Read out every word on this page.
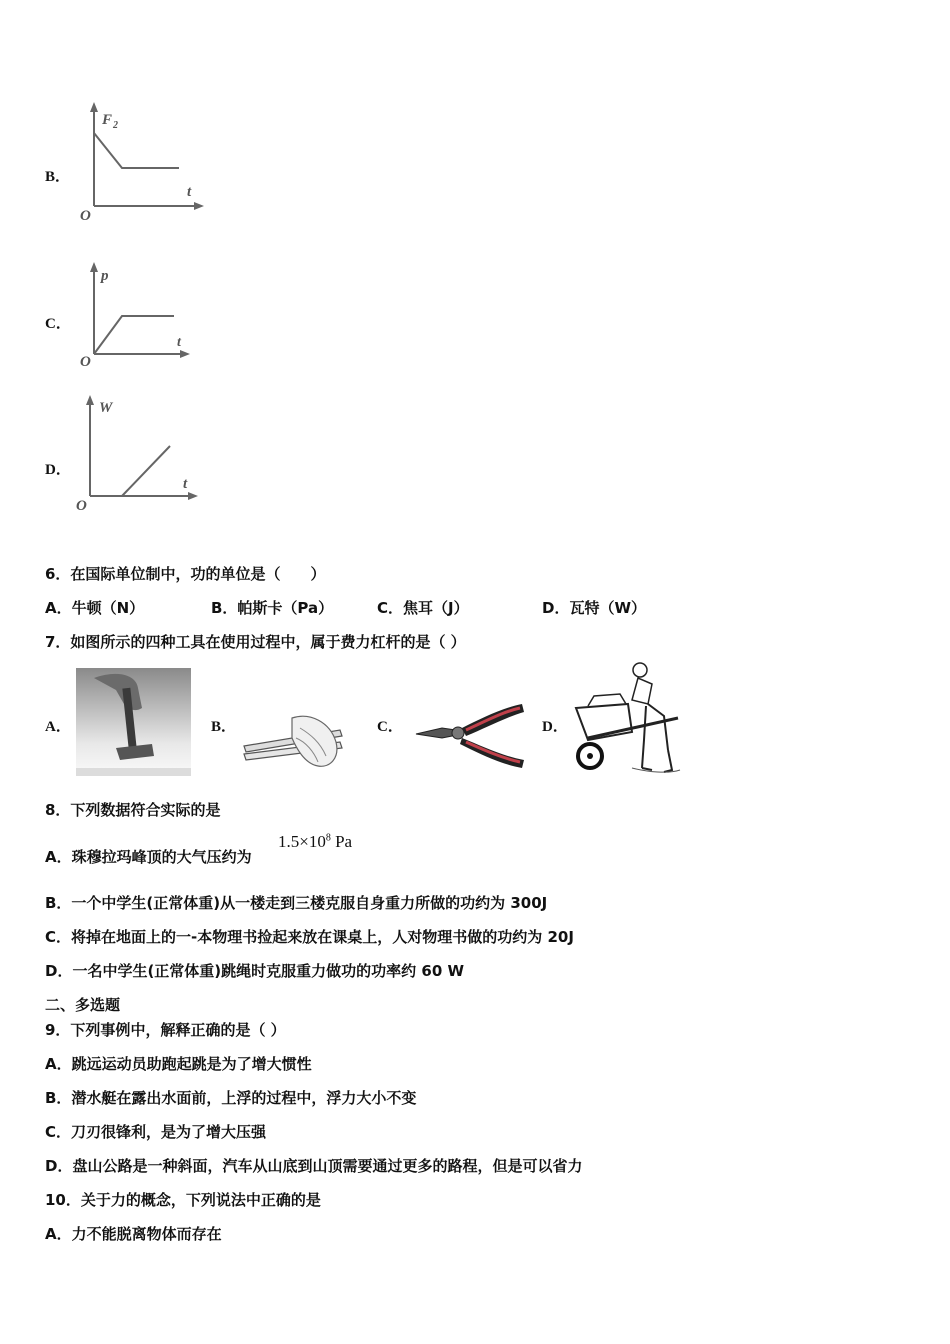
B．
F 2
t
O
C．
p
t
O
D．
W
t
O
6．在国际单位制中，功的单位是（　　）
A．牛顿（N）	B．帕斯卡（Pa）	C．焦耳（J）	D．瓦特（W）
7．如图所示的四种工具在使用过程中，属于费力杠杆的是（ ）
A．	B．	C．	D．
8．下列数据符合实际的是
A．珠穆拉玛峰顶的大气压约为
$1.5\times 10^8$ Pa
B．一个中学生(正常体重)从一楼走到三楼克服自身重力所做的功约为 300J
C．将掉在地面上的一-本物理书捡起来放在课桌上，人对物理书做的功约为 20J
D．一名中学生(正常体重)跳绳时克服重力做功的功率约 60 W
二、多选题
9．下列事例中，解释正确的是（ ）
A．跳远运动员助跑起跳是为了增大惯性
B．潜水艇在露出水面前，上浮的过程中，浮力大小不变
C．刀刃很锋利，是为了增大压强
D．盘山公路是一种斜面，汽车从山底到山顶需要通过更多的路程，但是可以省力
10．关于力的概念，下列说法中正确的是
A．力不能脱离物体而存在
